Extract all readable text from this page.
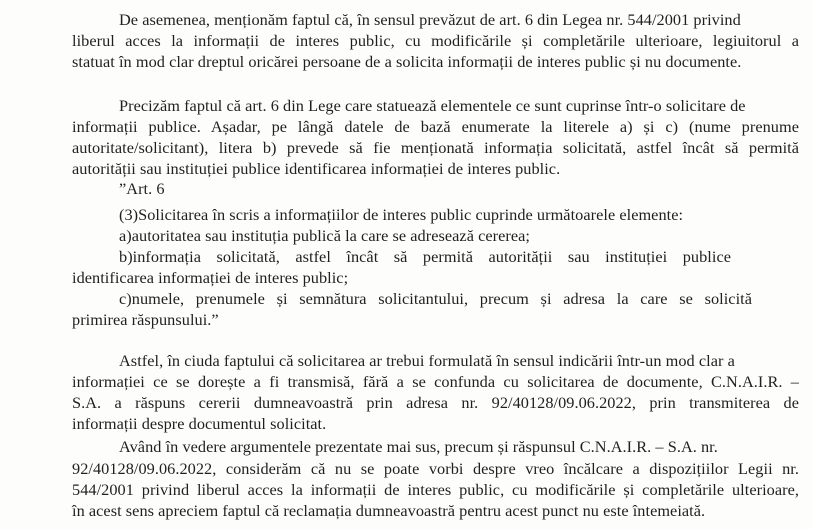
De asemenea, menționăm faptul că, în sensul prevăzut de art. 6 din Legea nr. 544/2001 privind
liberul acces la informații de interes public, cu modificările și completările ulterioare, legiuitorul a
statuat în mod clar dreptul oricărei persoane de a solicita informații de interes public și nu documente.
Precizăm faptul că art. 6 din Lege care statuează elementele ce sunt cuprinse într-o solicitare de
informații publice. Așadar, pe lângă datele de bază enumerate la literele a) și c) (nume prenume
autoritate/solicitant), litera b) prevede să fie menționată informația solicitată, astfel încât să permită
autorității sau instituției publice identificarea informației de interes public.
”Art. 6
(3)Solicitarea în scris a informațiilor de interes public cuprinde următoarele elemente:
a)autoritatea sau instituția publică la care se adresează cererea;
b)informația solicitată, astfel încât să permită autorității sau instituției publice
identificarea informației de interes public;
c)numele, prenumele și semnătura solicitantului, precum și adresa la care se solicită
primirea răspunsului.”
Astfel, în ciuda faptului că solicitarea ar trebui formulată în sensul indicării într-un mod clar a
informației ce se dorește a fi transmisă, fără a se confunda cu solicitarea de documente, C.N.A.I.R. –
S.A. a răspuns cererii dumneavoastră prin adresa nr. 92/40128/09.06.2022, prin transmiterea de
informații despre documentul solicitat.
Având în vedere argumentele prezentate mai sus, precum și răspunsul C.N.A.I.R. – S.A. nr.
92/40128/09.06.2022, considerăm că nu se poate vorbi despre vreo încălcare a dispozițiilor Legii nr.
544/2001 privind liberul acces la informații de interes public, cu modificările și completările ulterioare,
în acest sens apreciem faptul că reclamația dumneavoastră pentru acest punct nu este întemeiată.
